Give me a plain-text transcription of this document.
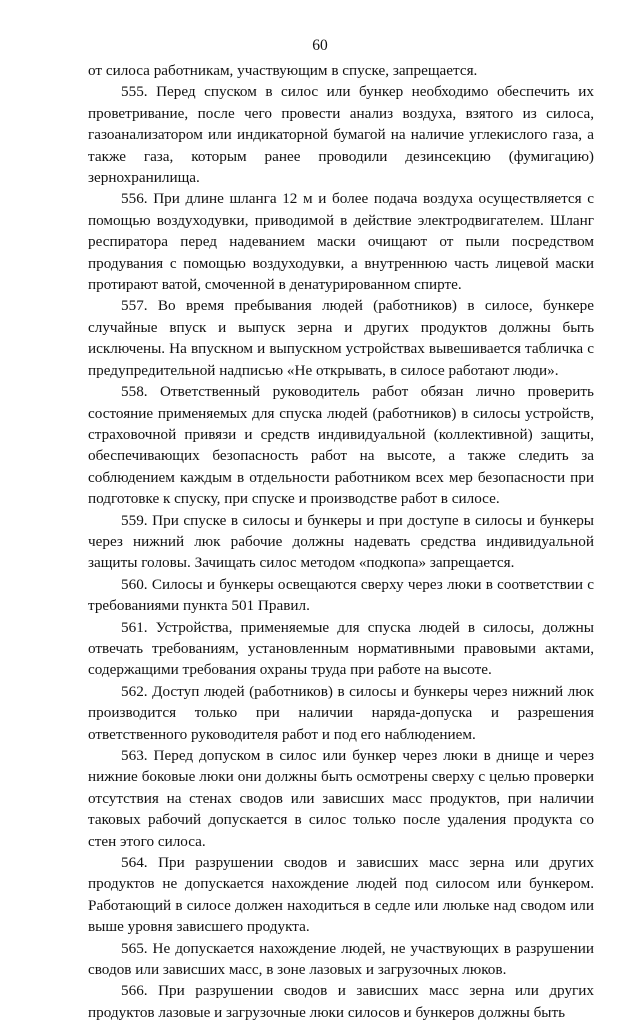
60

от силоса работникам, участвующим в спуске, запрещается.

555. Перед спуском в силос или бункер необходимо обеспечить их проветривание, после чего провести анализ воздуха, взятого из силоса, газоанализатором или индикаторной бумагой на наличие углекислого газа, а также газа, которым ранее проводили дезинсекцию (фумигацию) зернохранилища.

556. При длине шланга 12 м и более подача воздуха осуществляется с помощью воздуходувки, приводимой в действие электродвигателем. Шланг респиратора перед надеванием маски очищают от пыли посредством продувания с помощью воздуходувки, а внутреннюю часть лицевой маски протирают ватой, смоченной в денатурированном спирте.

557. Во время пребывания людей (работников) в силосе, бункере случайные впуск и выпуск зерна и других продуктов должны быть исключены. На впускном и выпускном устройствах вывешивается табличка с предупредительной надписью «Не открывать, в силосе работают люди».

558. Ответственный руководитель работ обязан лично проверить состояние применяемых для спуска людей (работников) в силосы устройств, страховочной привязи и средств индивидуальной (коллективной) защиты, обеспечивающих безопасность работ на высоте, а также следить за соблюдением каждым в отдельности работником всех мер безопасности при подготовке к спуску, при спуске и производстве работ в силосе.

559. При спуске в силосы и бункеры и при доступе в силосы и бункеры через нижний люк рабочие должны надевать средства индивидуальной защиты головы. Зачищать силос методом «подкопа» запрещается.

560. Силосы и бункеры освещаются сверху через люки в соответствии с требованиями пункта 501 Правил.

561. Устройства, применяемые для спуска людей в силосы, должны отвечать требованиям, установленным нормативными правовыми актами, содержащими требования охраны труда при работе на высоте.

562. Доступ людей (работников) в силосы и бункеры через нижний люк производится только при наличии наряда-допуска и разрешения ответственного руководителя работ и под его наблюдением.

563. Перед допуском в силос или бункер через люки в днище и через нижние боковые люки они должны быть осмотрены сверху с целью проверки отсутствия на стенах сводов или зависших масс продуктов, при наличии таковых рабочий допускается в силос только после удаления продукта со стен этого силоса.

564. При разрушении сводов и зависших масс зерна или других продуктов не допускается нахождение людей под силосом или бункером. Работающий в силосе должен находиться в седле или люльке над сводом или выше уровня зависшего продукта.

565. Не допускается нахождение людей, не участвующих в разрушении сводов или зависших масс, в зоне лазовых и загрузочных люков.

566. При разрушении сводов и зависших масс зерна или других продуктов лазовые и загрузочные люки силосов и бункеров должны быть
